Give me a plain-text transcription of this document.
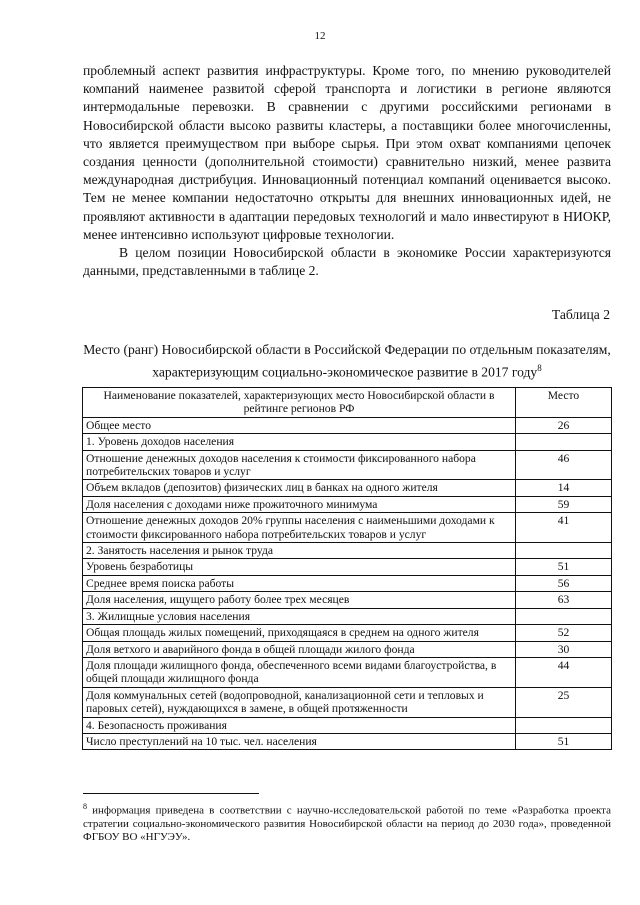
12

проблемный аспект развития инфраструктуры. Кроме того, по мнению руководителей компаний наименее развитой сферой транспорта и логистики в регионе являются интермодальные перевозки. В сравнении с другими российскими регионами в Новосибирской области высоко развиты кластеры, а поставщики более многочисленны, что является преимуществом при выборе сырья. При этом охват компаниями цепочек создания ценности (дополнительной стоимости) сравнительно низкий, менее развита международная дистрибуция. Инновационный потенциал компаний оценивается высоко. Тем не менее компании недостаточно открыты для внешних инновационных идей, не проявляют активности в адаптации передовых технологий и мало инвестируют в НИОКР, менее интенсивно используют цифровые технологии.

В целом позиции Новосибирской области в экономике России характеризуются данными, представленными в таблице 2.

Таблица 2
Место (ранг) Новосибирской области в Российской Федерации по отдельным показателям, характеризующим социально-экономическое развитие в 2017 году$^8$
Наименование показателей, характеризующих место Новосибирской области в рейтинге регионов РФ	Место
Общее место	26
1. Уровень доходов населения	
Отношение денежных доходов населения к стоимости фиксированного набора потребительских товаров и услуг	46
Объем вкладов (депозитов) физических лиц в банках на одного жителя	14
Доля населения с доходами ниже прожиточного минимума	59
Отношение денежных доходов 20% группы населения с наименьшими доходами к стоимости фиксированного набора потребительских товаров и услуг	41
2. Занятость населения и рынок труда	
Уровень безработицы	51
Среднее время поиска работы	56
Доля населения, ищущего работу более трех месяцев	63
3. Жилищные условия населения	
Общая площадь жилых помещений, приходящаяся в среднем на одного жителя	52
Доля ветхого и аварийного фонда в общей площади жилого фонда	30
Доля площади жилищного фонда, обеспеченного всеми видами благоустройства, в общей площади жилищного фонда	44
Доля коммунальных сетей (водопроводной, канализационной сети и тепловых и паровых сетей), нуждающихся в замене, в общей протяженности	25
4. Безопасность проживания	
Число преступлений на 10 тыс. чел. населения	51
$^8$ информация приведена в соответствии с научно-исследовательской работой по теме «Разработка проекта стратегии социально-экономического развития Новосибирской области на период до 2030 года», проведенной ФГБОУ ВО «НГУЭУ».
